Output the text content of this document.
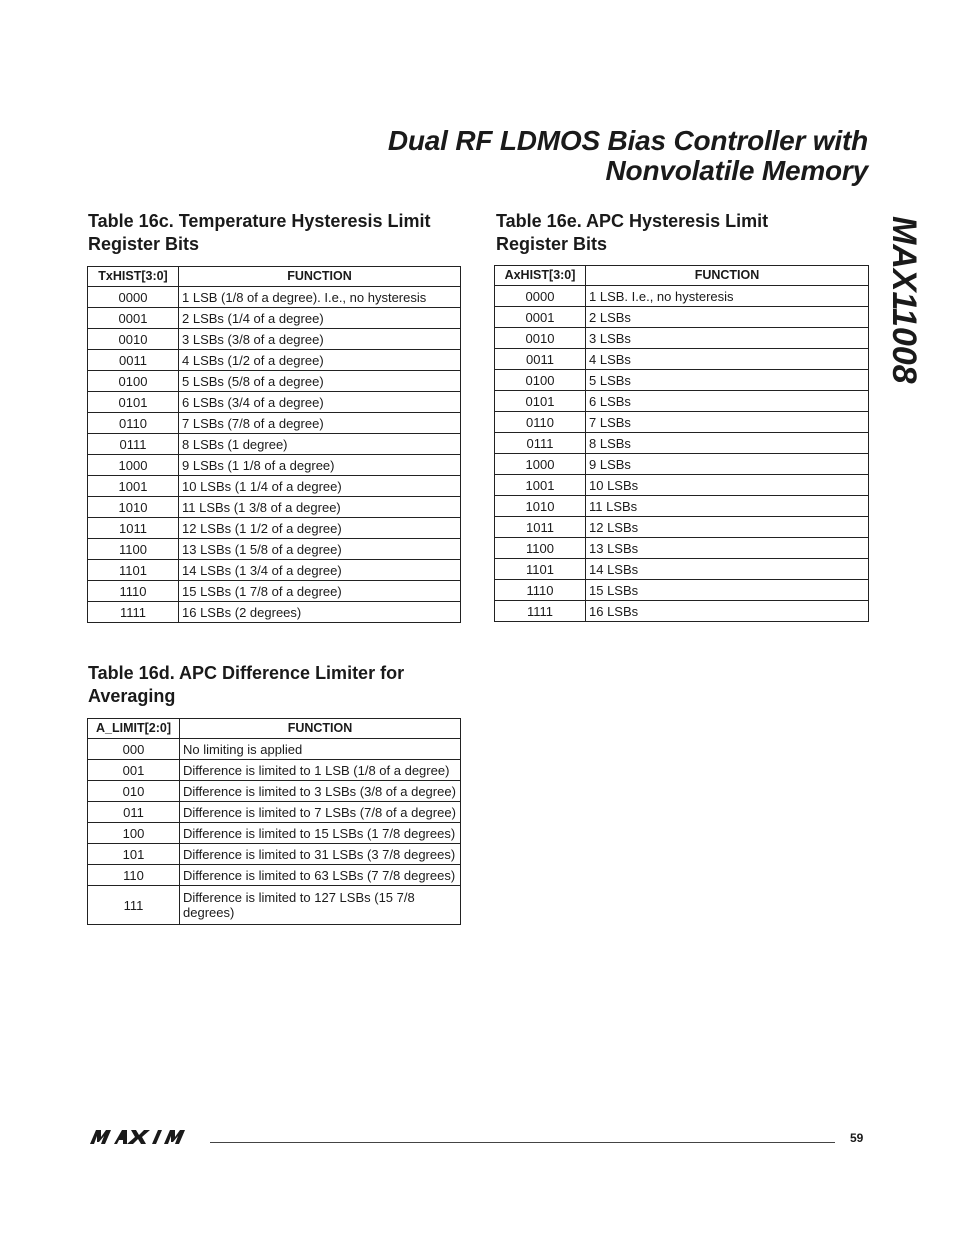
Dual RF LDMOS Bias Controller with
Nonvolatile Memory
MAX11008
Table 16c. Temperature Hysteresis Limit
Register Bits
TxHIST[3:0]	FUNCTION
0000	1 LSB (1/8 of a degree). I.e., no hysteresis
0001	2 LSBs (1/4 of a degree)
0010	3 LSBs (3/8 of a degree)
0011	4 LSBs (1/2 of a degree)
0100	5 LSBs (5/8 of a degree)
0101	6 LSBs (3/4 of a degree)
0110	7 LSBs (7/8 of a degree)
0111	8 LSBs (1 degree)
1000	9 LSBs (1 1/8 of a degree)
1001	10 LSBs (1 1/4 of a degree)
1010	11 LSBs (1 3/8 of a degree)
1011	12 LSBs (1 1/2 of a degree)
1100	13 LSBs (1 5/8 of a degree)
1101	14 LSBs (1 3/4 of a degree)
1110	15 LSBs (1 7/8 of a degree)
1111	16 LSBs (2 degrees)
Table 16e. APC Hysteresis Limit
Register Bits
AxHIST[3:0]	FUNCTION
0000	1 LSB. I.e., no hysteresis
0001	2 LSBs
0010	3 LSBs
0011	4 LSBs
0100	5 LSBs
0101	6 LSBs
0110	7 LSBs
0111	8 LSBs
1000	9 LSBs
1001	10 LSBs
1010	11 LSBs
1011	12 LSBs
1100	13 LSBs
1101	14 LSBs
1110	15 LSBs
1111	16 LSBs
Table 16d. APC Difference Limiter for
Averaging
A_LIMIT[2:0]	FUNCTION
000	No limiting is applied
001	Difference is limited to 1 LSB (1/8 of a degree)
010	Difference is limited to 3 LSBs (3/8 of a degree)
011	Difference is limited to 7 LSBs (7/8 of a degree)
100	Difference is limited to 15 LSBs (1 7/8 degrees)
101	Difference is limited to 31 LSBs (3 7/8 degrees)
110	Difference is limited to 63 LSBs (7 7/8 degrees)
111	Difference is limited to 127 LSBs (15 7/8 degrees)
59
